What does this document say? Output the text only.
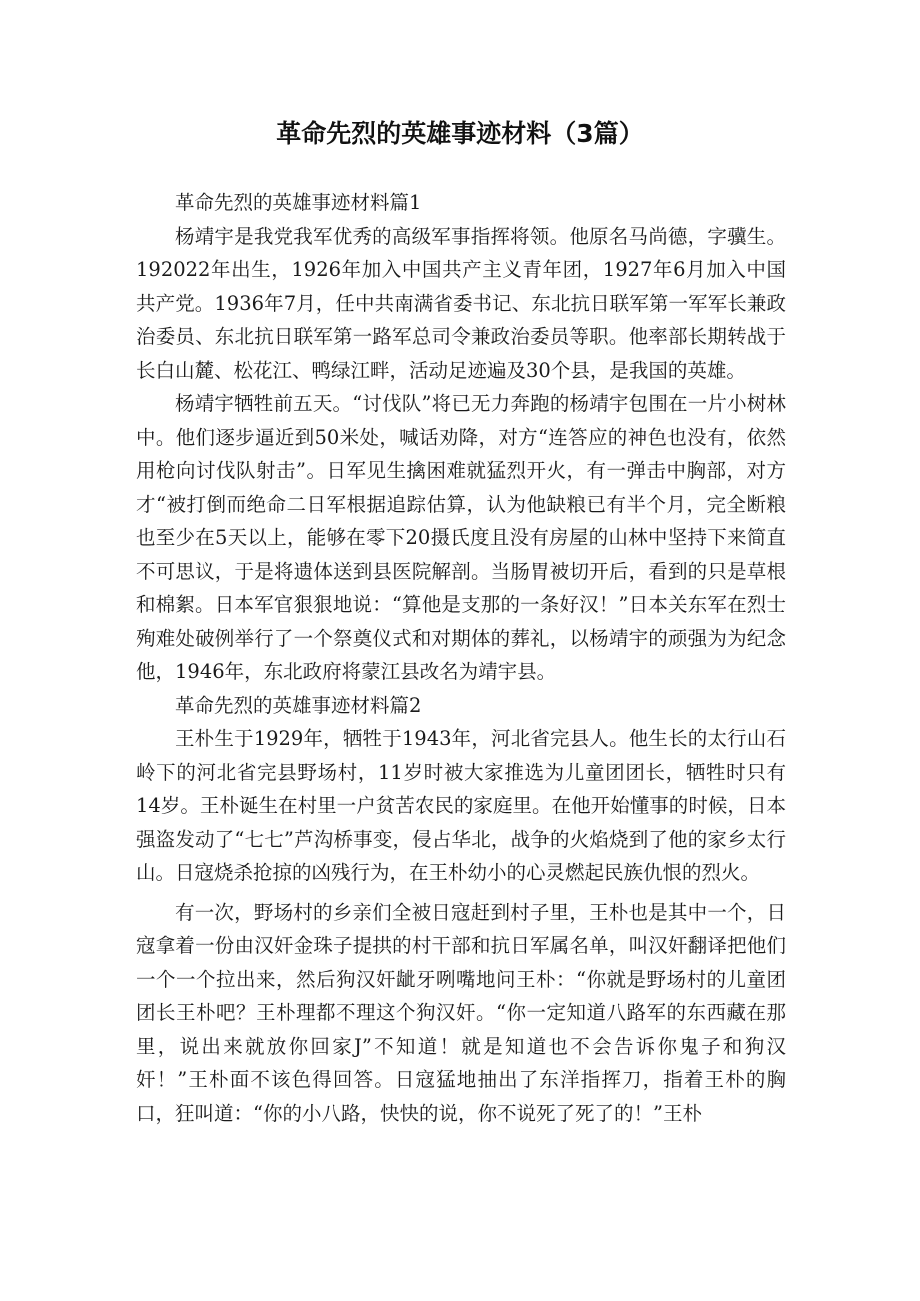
革命先烈的英雄事迹材料（3篇）

革命先烈的英雄事迹材料篇1

杨靖宇是我党我军优秀的高级军事指挥将领。他原名马尚德，字骥生。192022年出生，1926年加入中国共产主义青年团，1927年6月加入中国共产党。1936年7月，任中共南满省委书记、东北抗日联军第一军军长兼政治委员、东北抗日联军第一路军总司令兼政治委员等职。他率部长期转战于长白山麓、松花江、鸭绿江畔，活动足迹遍及30个县，是我国的英雄。

杨靖宇牺牲前五天。“讨伐队”将已无力奔跑的杨靖宇包围在一片小树林中。他们逐步逼近到50米处，喊话劝降，对方“连答应的神色也没有，依然用枪向讨伐队射击”。日军见生擒困难就猛烈开火，有一弹击中胸部，对方才“被打倒而绝命二日军根据追踪估算，认为他缺粮已有半个月，完全断粮也至少在5天以上，能够在零下20摄氏度且没有房屋的山林中坚持下来简直不可思议，于是将遗体送到县医院解剖。当肠胃被切开后，看到的只是草根和棉絮。日本军官狠狠地说：“算他是支那的一条好汉！”日本关东军在烈士殉难处破例举行了一个祭奠仪式和对期体的葬礼，以杨靖宇的顽强为为纪念他，1946年，东北政府将蒙江县改名为靖宇县。

革命先烈的英雄事迹材料篇2

王朴生于1929年，牺牲于1943年，河北省完县人。他生长的太行山石岭下的河北省完县野场村，11岁时被大家推选为儿童团团长，牺牲时只有14岁。王朴诞生在村里一户贫苦农民的家庭里。在他开始懂事的时候，日本强盗发动了“七七”芦沟桥事变，侵占华北，战争的火焰烧到了他的家乡太行山。日寇烧杀抢掠的凶残行为，在王朴幼小的心灵燃起民族仇恨的烈火。

有一次，野场村的乡亲们全被日寇赶到村子里，王朴也是其中一个，日寇拿着一份由汉奸金珠子提拱的村干部和抗日军属名单，叫汉奸翻译把他们一个一个拉出来，然后狗汉奸龇牙咧嘴地问王朴：“你就是野场村的儿童团团长王朴吧？王朴理都不理这个狗汉奸。“你一定知道八路军的东西藏在那里，说出来就放你回家J”不知道！就是知道也不会告诉你鬼子和狗汉奸！”王朴面不该色得回答。日寇猛地抽出了东洋指挥刀，指着王朴的胸口，狂叫道：“你的小八路，快快的说，你不说死了死了的！”王朴
